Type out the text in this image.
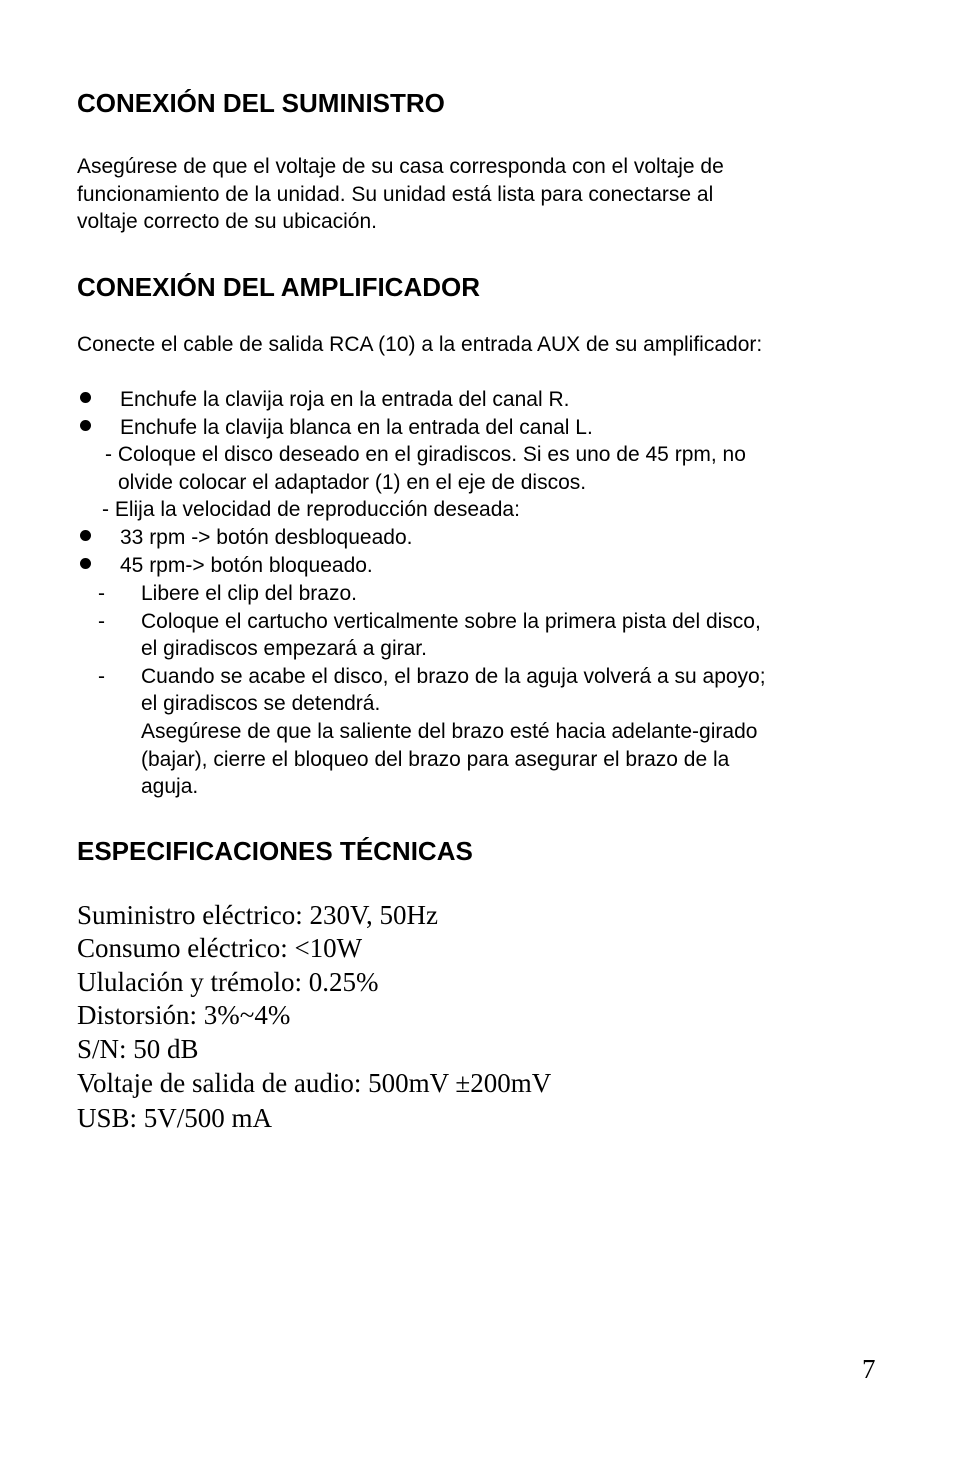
CONEXIÓN DEL SUMINISTRO
Asegúrese de que el voltaje de su casa corresponda con el voltaje de
funcionamiento de la unidad. Su unidad está lista para conectarse al
voltaje correcto de su ubicación.
CONEXIÓN DEL AMPLIFICADOR
Conecte el cable de salida RCA (10) a la entrada AUX de su amplificador:
Enchufe la clavija roja en la entrada del canal R.
Enchufe la clavija blanca en la entrada del canal L.
- Coloque el disco deseado en el giradiscos. Si es uno de 45 rpm, no
olvide colocar el adaptador (1) en el eje de discos.
- Elija la velocidad de reproducción deseada:
33 rpm -> botón desbloqueado.
45 rpm-> botón bloqueado.
- Libere el clip del brazo.
- Coloque el cartucho verticalmente sobre la primera pista del disco,
el giradiscos empezará a girar.
- Cuando se acabe el disco, el brazo de la aguja volverá a su apoyo;
el giradiscos se detendrá.
Asegúrese de que la saliente del brazo esté hacia adelante-girado
(bajar), cierre el bloqueo del brazo para asegurar el brazo de la
aguja.
ESPECIFICACIONES TÉCNICAS
Suministro eléctrico: 230V, 50Hz
Consumo eléctrico: <10W
Ululación y trémolo: 0.25%
Distorsión: 3%~4%
S/N: 50 dB
Voltaje de salida de audio: 500mV ±200mV
USB: 5V/500 mA
7
